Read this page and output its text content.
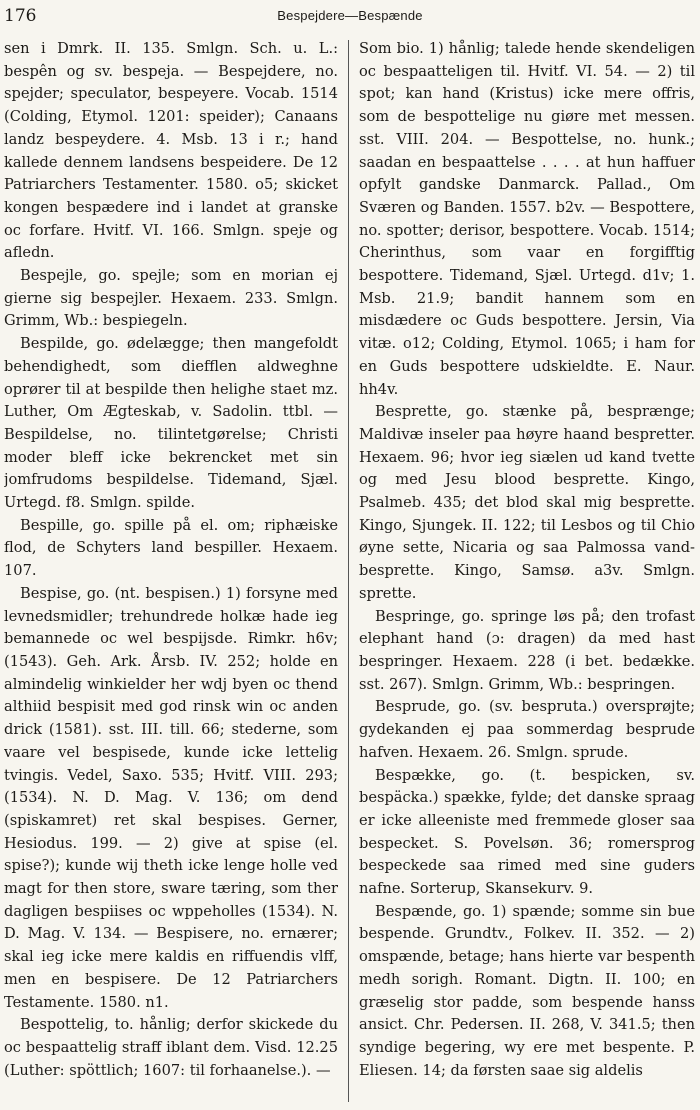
176	Bespejdere—Bespænde

sen i Dmrk. II. 135. Smlgn. Sch. u. L.: bespên og sv. bespeja. — Bespejdere, no. spejder; speculator, bespeyere. Vocab. 1514 (Colding, Etymol. 1201: speider); Canaans landz bespeydere. 4. Msb. 13 i r.; hand kallede dennem landsens bespeidere. De 12 Patriarchers Testamenter. 1580. o5; skicket kongen bespædere ind i landet at granske oc forfare. Hvitf. VI. 166. Smlgn. speje og afledn.

Bespejle, go. spejle; som en morian ej gierne sig bespejler. Hexaem. 233. Smlgn. Grimm, Wb.: bespiegeln.

Bespilde, go. ødelægge; then mangefoldt behendighedt, som diefflen aldweghne oprører til at bespilde then helighe staet mz. Luther, Om Ægteskab, v. Sadolin. ttbl. — Bespildelse, no. tilintetgørelse; Christi moder bleff icke bekrencket met sin jomfrudoms bespildelse. Tidemand, Sjæl. Urtegd. f8. Smlgn. spilde.

Bespille, go. spille på el. om; riphæiske flod, de Schyters land bespiller. Hexaem. 107.

Bespise, go. (nt. bespisen.) 1) forsyne med levnedsmidler; trehundrede holkæ hade ieg bemannede oc wel bespijsde. Rimkr. h6v; (1543). Geh. Ark. Årsb. IV. 252; holde en almindelig winkielder her wdj byen oc thend althiid bespisit med god rinsk win oc anden drick (1581). sst. III. till. 66; stederne, som vaare vel bespisede, kunde icke lettelig tvingis. Vedel, Saxo. 535; Hvitf. VIII. 293; (1534). N. D. Mag. V. 136; om dend (spiskamret) ret skal bespises. Gerner, Hesiodus. 199. — 2) give at spise (el. spise?); kunde wij theth icke lenge holle ved magt for then store, sware tæring, som ther dagligen bespiises oc wppeholles (1534). N. D. Mag. V. 134. — Bespisere, no. ernærer; skal ieg icke mere kaldis en riffuendis vlff, men en bespisere. De 12 Patriarchers Testamente. 1580. n1.

Bespottelig, to. hånlig; derfor skickede du oc bespaattelig straff iblant dem. Visd. 12.25 (Luther: spöttlich; 1607: til forhaanelse.). —

Som bio. 1) hånlig; talede hende skendeligen oc bespaatteligen til. Hvitf. VI. 54. — 2) til spot; kan hand (Kristus) icke mere offris, som de bespottelige nu giøre met messen. sst. VIII. 204. — Bespottelse, no. hunk.; saadan en bespaattelse . . . . at hun haffuer opfylt gandske Danmarck. Pallad., Om Sværen og Banden. 1557. b2v. — Bespottere, no. spotter; derisor, bespottere. Vocab. 1514; Cherinthus, som vaar en forgifftig bespottere. Tidemand, Sjæl. Urtegd. d1v; 1. Msb. 21.9; bandit hannem som en misdædere oc Guds bespottere. Jersin, Via vitæ. o12; Colding, Etymol. 1065; i ham for en Guds bespottere udskieldte. E. Naur. hh4v.

Besprette, go. stænke på, besprænge; Maldivæ inseler paa høyre haand bespretter. Hexaem. 96; hvor ieg siælen ud kand tvette og med Jesu blood besprette. Kingo, Psalmeb. 435; det blod skal mig besprette. Kingo, Sjungek. II. 122; til Lesbos og til Chio øyne sette, Nicaria og saa Palmossa vand-besprette. Kingo, Samsø. a3v. Smlgn. sprette.

Bespringe, go. springe løs på; den trofast elephant hand (ɔ: dragen) da med hast bespringer. Hexaem. 228 (i bet. bedække. sst. 267). Smlgn. Grimm, Wb.: bespringen.

Besprude, go. (sv. besprutа.) oversprøjte; gydekanden ej paa sommerdag besprude hafven. Hexaem. 26. Smlgn. sprude.

Bespække, go. (t. bespicken, sv. bespäcka.) spække, fylde; det danske spraag er icke alleeniste med fremmede gloser saa bespecket. S. Povelsøn. 36; romersprog bespeckede saa rimed med sine guders nafne. Sorterup, Skansekurv. 9.

Bespænde, go. 1) spænde; somme sin bue bespende. Grundtv., Folkev. II. 352. — 2) omspænde, betage; hans hierte var bespenth medh sorigh. Romant. Digtn. II. 100; en græselig stor padde, som bespende hanss ansict. Chr. Pedersen. II. 268, V. 341.5; then syndige begering, wy ere met bespente. P. Eliesen. 14; da førsten saae sig aldelis
